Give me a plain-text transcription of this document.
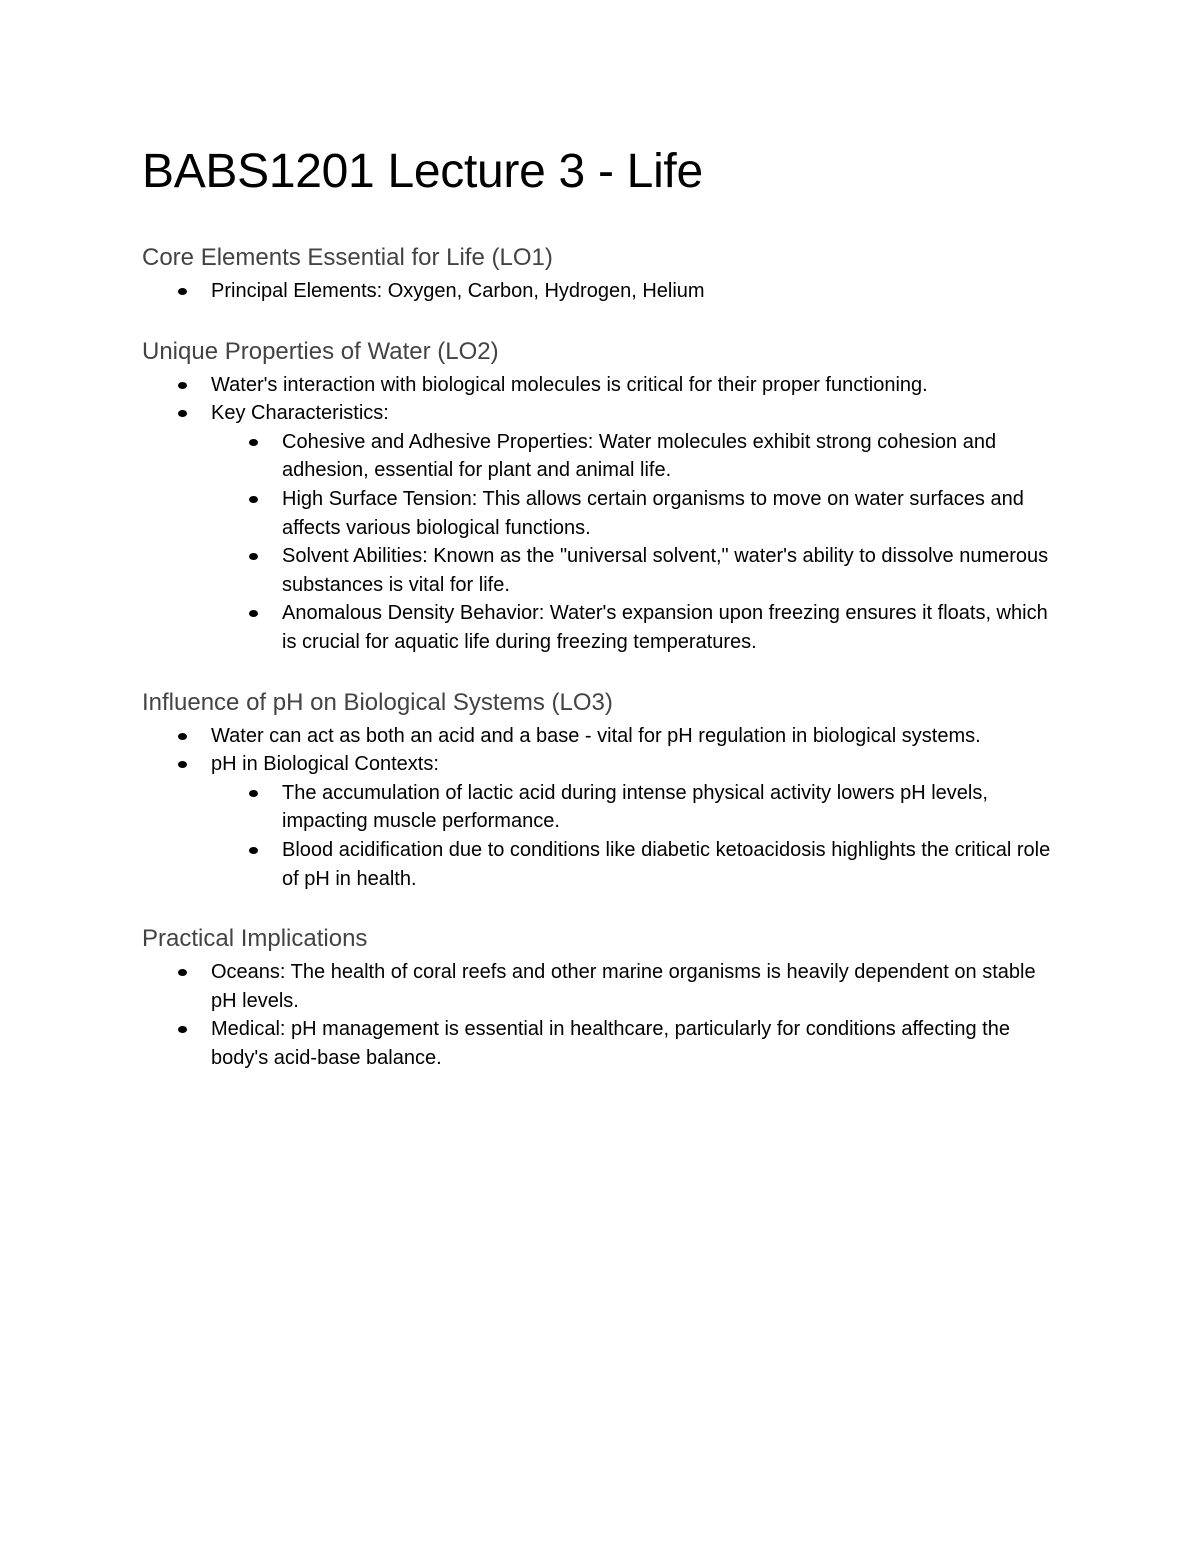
BABS1201 Lecture 3 - Life
Core Elements Essential for Life (LO1)
Principal Elements: Oxygen, Carbon, Hydrogen, Helium
Unique Properties of Water (LO2)
Water's interaction with biological molecules is critical for their proper functioning.
Key Characteristics:
Cohesive and Adhesive Properties: Water molecules exhibit strong cohesion and adhesion, essential for plant and animal life.
High Surface Tension: This allows certain organisms to move on water surfaces and affects various biological functions.
Solvent Abilities: Known as the "universal solvent," water's ability to dissolve numerous substances is vital for life.
Anomalous Density Behavior: Water's expansion upon freezing ensures it floats, which is crucial for aquatic life during freezing temperatures.
Influence of pH on Biological Systems (LO3)
Water can act as both an acid and a base - vital for pH regulation in biological systems.
pH in Biological Contexts:
The accumulation of lactic acid during intense physical activity lowers pH levels, impacting muscle performance.
Blood acidification due to conditions like diabetic ketoacidosis highlights the critical role of pH in health.
Practical Implications
Oceans: The health of coral reefs and other marine organisms is heavily dependent on stable pH levels.
Medical: pH management is essential in healthcare, particularly for conditions affecting the body's acid-base balance.
